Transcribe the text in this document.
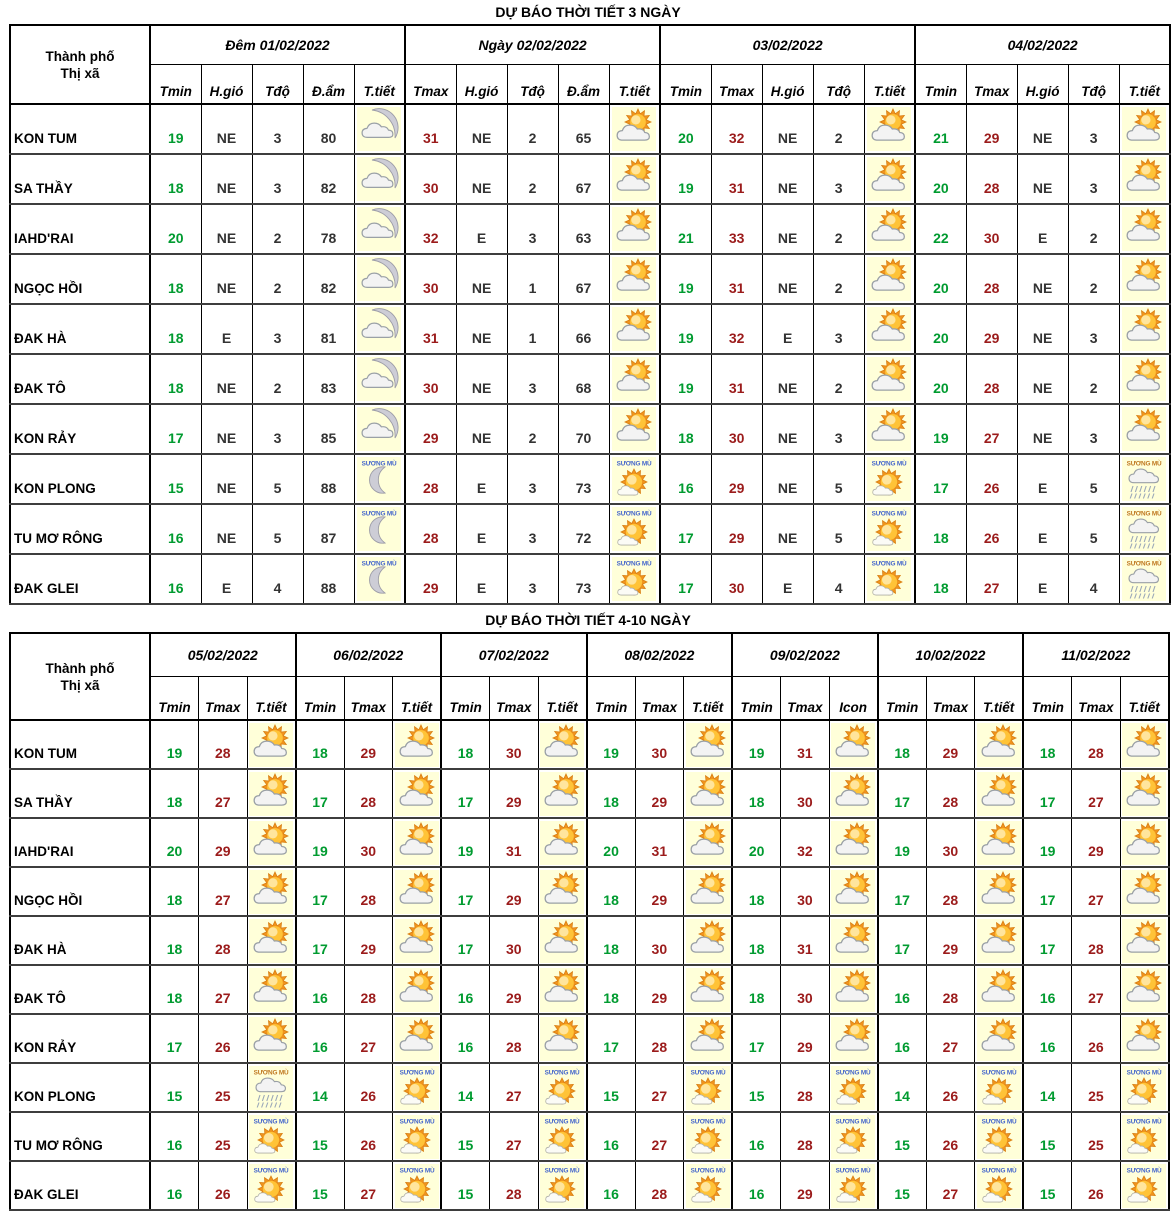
DỰ BÁO THỜI TIẾT 3 NGÀY
Thành phố
Thị xã	Đêm 01/02/2022					Ngày 02/02/2022					03/02/2022					04/02/2022				
	Tmin	H.gió	Tđộ	Đ.ẩm	T.tiết	Tmax	H.gió	Tđộ	Đ.ẩm	T.tiết	Tmin	Tmax	H.gió	Tđộ	T.tiết	Tmin	Tmax	H.gió	Tđộ	T.tiết
KON TUM	19	NE	3	80		31	NE	2	65		20	32	NE	2		21	29	NE	3	
SA THẦY	18	NE	3	82		30	NE	2	67		19	31	NE	3		20	28	NE	3	
IAHD'RAI	20	NE	2	78		32	E	3	63		21	33	NE	2		22	30	E	2	
NGỌC HỒI	18	NE	2	82		30	NE	1	67		19	31	NE	2		20	28	NE	2	
ĐAK HÀ	18	E	3	81		31	NE	1	66		19	32	E	3		20	29	NE	3	
ĐAK TÔ	18	NE	2	83		30	NE	3	68		19	31	NE	2		20	28	NE	2	
KON RẢY	17	NE	3	85		29	NE	2	70		18	30	NE	3		19	27	NE	3	
KON PLONG	15	NE	5	88	SƯƠNG MÙ	28	E	3	73	SƯƠNG MÙ	16	29	NE	5	SƯƠNG MÙ	17	26	E	5	SƯƠNG MÙ

TU MƠ RÔNG	16	NE	5	87	SƯƠNG MÙ	28	E	3	72	SƯƠNG MÙ	17	29	NE	5	SƯƠNG MÙ	18	26	E	5	SƯƠNG MÙ

ĐAK GLEI	16	E	4	88	SƯƠNG MÙ	29	E	3	73	SƯƠNG MÙ	17	30	E	4	SƯƠNG MÙ	18	27	E	4	SƯƠNG MÙ
DỰ BÁO THỜI TIẾT 4-10 NGÀY
Thành phố
Thị xã	05/02/2022			06/02/2022			07/02/2022			08/02/2022			09/02/2022			10/02/2022			11/02/2022		
	Tmin	Tmax	T.tiết	Tmin	Tmax	T.tiết	Tmin	Tmax	T.tiết	Tmin	Tmax	T.tiết	Tmin	Tmax	Icon	Tmin	Tmax	T.tiết	Tmin	Tmax	T.tiết
KON TUM	19	28		18	29		18	30		19	30		19	31		18	29		18	28	
SA THẦY	18	27		17	28		17	29		18	29		18	30		17	28		17	27	
IAHD'RAI	20	29		19	30		19	31		20	31		20	32		19	30		19	29	
NGỌC HỒI	18	27		17	28		17	29		18	29		18	30		17	28		17	27	
ĐAK HÀ	18	28		17	29		17	30		18	30		18	31		17	29		17	28	
ĐAK TÔ	18	27		16	28		16	29		18	29		18	30		16	28		16	27	
KON RẢY	17	26		16	27		16	28		17	28		17	29		16	27		16	26	
KON PLONG	15	25	SƯƠNG MÙ	14	26	SƯƠNG MÙ	14	27	SƯƠNG MÙ	15	27	SƯƠNG MÙ	15	28	SƯƠNG MÙ	14	26	SƯƠNG MÙ	14	25	SƯƠNG MÙ

TU MƠ RÔNG	16	25	SƯƠNG MÙ	15	26	SƯƠNG MÙ	15	27	SƯƠNG MÙ	16	27	SƯƠNG MÙ	16	28	SƯƠNG MÙ	15	26	SƯƠNG MÙ	15	25	SƯƠNG MÙ

ĐAK GLEI	16	26	SƯƠNG MÙ	15	27	SƯƠNG MÙ	15	28	SƯƠNG MÙ	16	28	SƯƠNG MÙ	16	29	SƯƠNG MÙ	15	27	SƯƠNG MÙ	15	26	SƯƠNG MÙ
